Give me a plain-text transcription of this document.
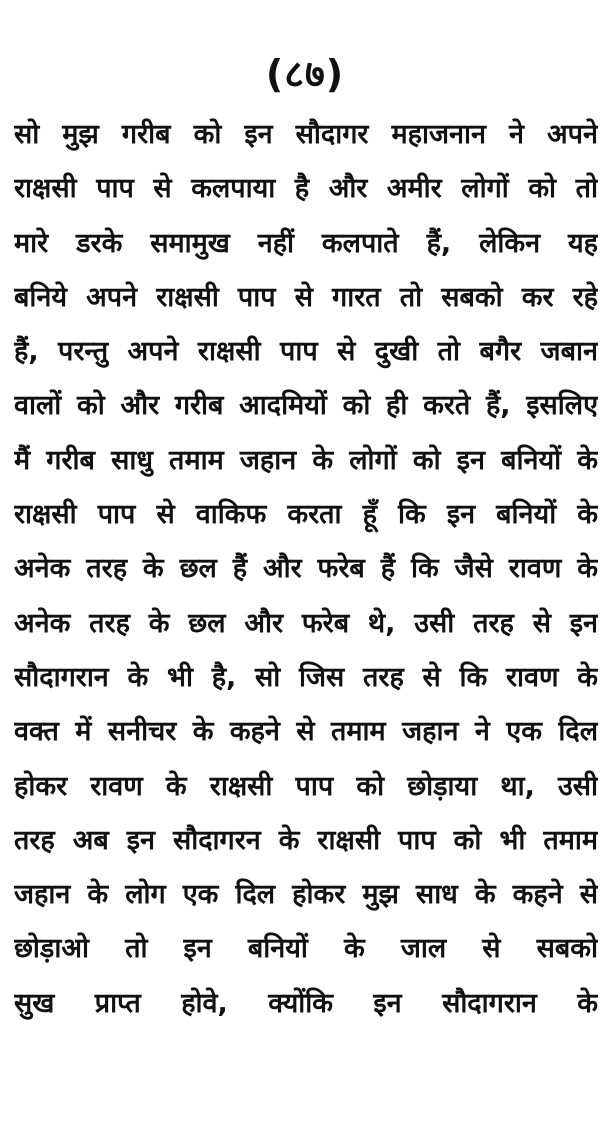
(८७)
सो मुझ गरीब को इन सौदागर महाजनान ने अपने
राक्षसी पाप से कलपाया है और अमीर लोगों को तो
मारे डरके समामुख नहीं कलपाते हैं, लेकिन यह
बनिये अपने राक्षसी पाप से गारत तो सबको कर रहे
हैं, परन्तु अपने राक्षसी पाप से दुखी तो बगैर जबान
वालों को और गरीब आदमियों को ही करते हैं, इसलिए
मैं गरीब साधु तमाम जहान के लोगों को इन बनियों के
राक्षसी पाप से वाकिफ करता हूँ कि इन बनियों के
अनेक तरह के छल हैं और फरेब हैं कि जैसे रावण के
अनेक तरह के छल और फरेब थे, उसी तरह से इन
सौदागरान के भी है, सो जिस तरह से कि रावण के
वक्त में सनीचर के कहने से तमाम जहान ने एक दिल
होकर रावण के राक्षसी पाप को छोड़ाया था, उसी
तरह अब इन सौदागरन के राक्षसी पाप को भी तमाम
जहान के लोग एक दिल होकर मुझ साध के कहने से
छोड़ाओ तो इन बनियों के जाल से सबको
सुख प्राप्त होवे, क्योंकि इन सौदागरान के
